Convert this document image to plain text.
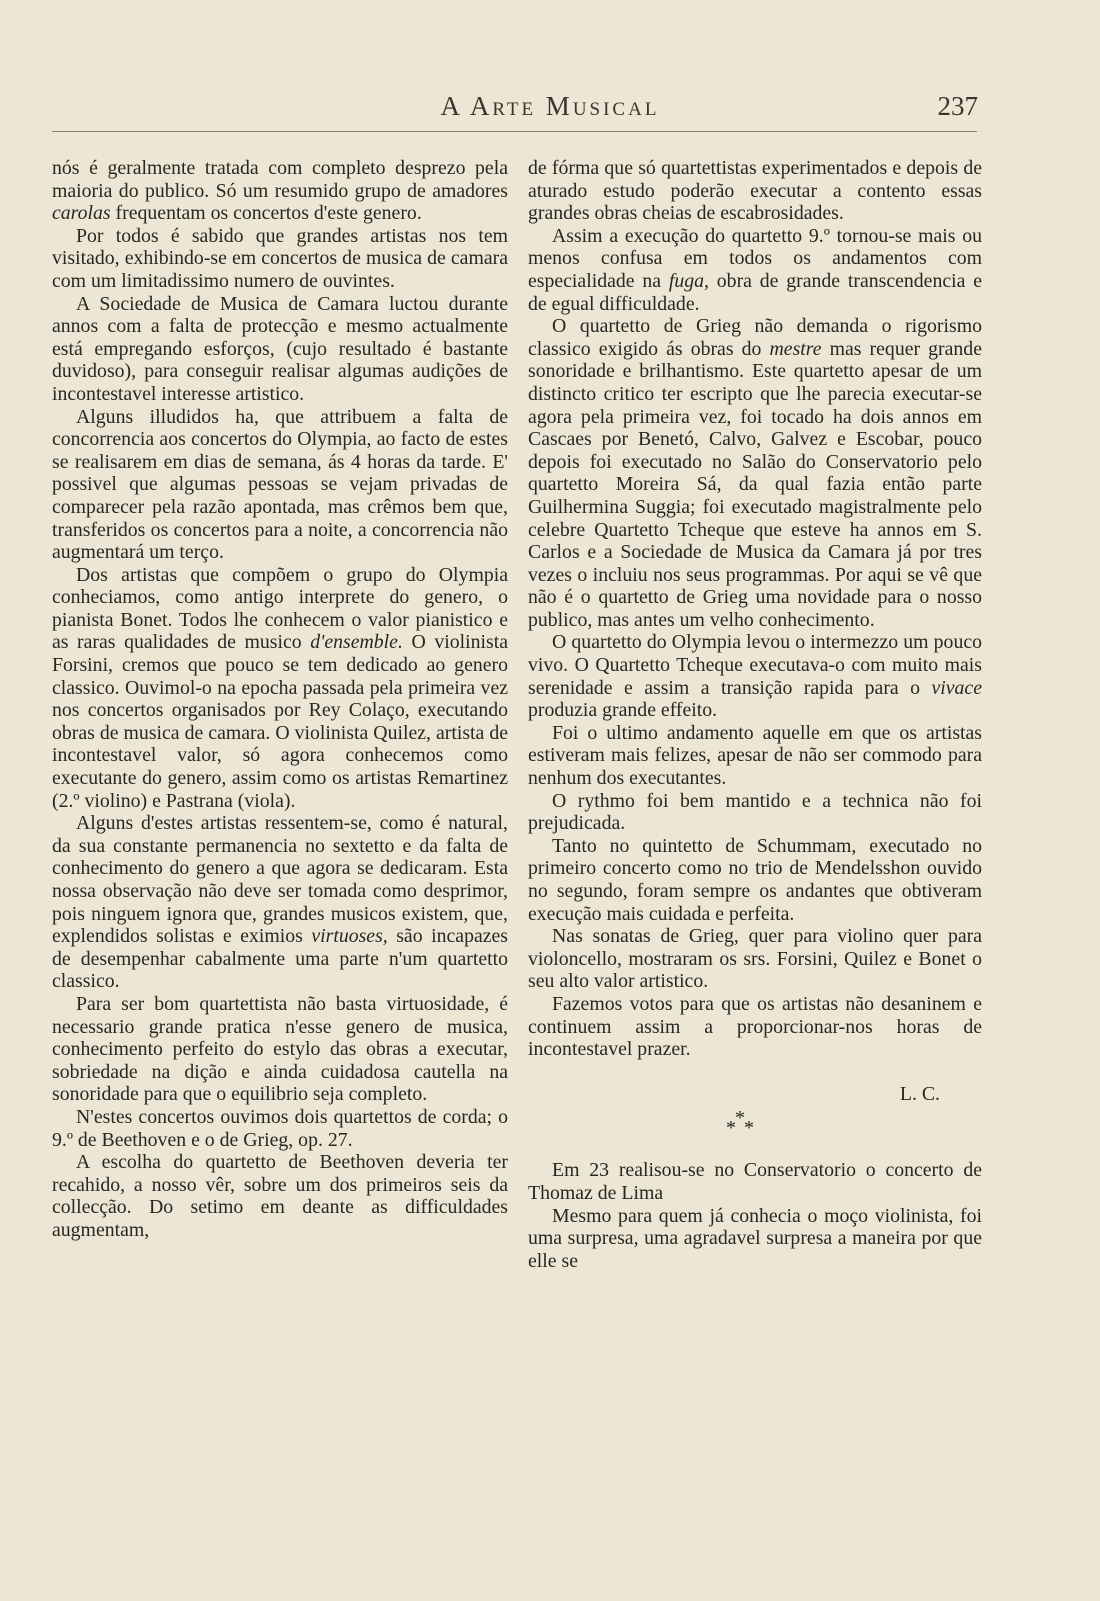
A Arte Musical	237

nós é geralmente tratada com completo desprezo pela maioria do publico. Só um resumido grupo de amadores carolas frequentam os concertos d'este genero.

Por todos é sabido que grandes artistas nos tem visitado, exhibindo-se em concertos de musica de camara com um limitadissimo numero de ouvintes.

A Sociedade de Musica de Camara luctou durante annos com a falta de protecção e mesmo actualmente está empregando esforços, (cujo resultado é bastante duvidoso), para conseguir realisar algumas audições de incontestavel interesse artistico.

Alguns illudidos ha, que attribuem a falta de concorrencia aos concertos do Olympia, ao facto de estes se realisarem em dias de semana, ás 4 horas da tarde. E' possivel que algumas pessoas se vejam privadas de comparecer pela razão apontada, mas crêmos bem que, transferidos os concertos para a noite, a concorrencia não augmentará um terço.

Dos artistas que compõem o grupo do Olympia conheciamos, como antigo interprete do genero, o pianista Bonet. Todos lhe conhecem o valor pianistico e as raras qualidades de musico d'ensemble. O violinista Forsini, cremos que pouco se tem dedicado ao genero classico. Ouvimol-o na epocha passada pela primeira vez nos concertos organisados por Rey Colaço, executando obras de musica de camara. O violinista Quilez, artista de incontestavel valor, só agora conhecemos como executante do genero, assim como os artistas Remartinez (2.º violino) e Pastrana (viola).

Alguns d'estes artistas ressentem-se, como é natural, da sua constante permanencia no sextetto e da falta de conhecimento do genero a que agora se dedicaram. Esta nossa observação não deve ser tomada como desprimor, pois ninguem ignora que, grandes musicos existem, que, explendidos solistas e eximios virtuoses, são incapazes de desempenhar cabalmente uma parte n'um quartetto classico.

Para ser bom quartettista não basta virtuosidade, é necessario grande pratica n'esse genero de musica, conhecimento perfeito do estylo das obras a executar, sobriedade na dição e ainda cuidadosa cautella na sonoridade para que o equilibrio seja completo.

N'estes concertos ouvimos dois quartettos de corda; o 9.º de Beethoven e o de Grieg, op. 27.

A escolha do quartetto de Beethoven deveria ter recahido, a nosso vêr, sobre um dos primeiros seis da collecção. Do setimo em deante as difficuldades augmentam,

de fórma que só quartettistas experimentados e depois de aturado estudo poderão executar a contento essas grandes obras cheias de escabrosidades.

Assim a execução do quartetto 9.º tornou-se mais ou menos confusa em todos os andamentos com especialidade na fuga, obra de grande transcendencia e de egual difficuldade.

O quartetto de Grieg não demanda o rigorismo classico exigido ás obras do mestre mas requer grande sonoridade e brilhantismo. Este quartetto apesar de um distincto critico ter escripto que lhe parecia executar-se agora pela primeira vez, foi tocado ha dois annos em Cascaes por Benetó, Calvo, Galvez e Escobar, pouco depois foi executado no Salão do Conservatorio pelo quartetto Moreira Sá, da qual fazia então parte Guilhermina Suggia; foi executado magistralmente pelo celebre Quartetto Tcheque que esteve ha annos em S. Carlos e a Sociedade de Musica da Camara já por tres vezes o incluiu nos seus programmas. Por aqui se vê que não é o quartetto de Grieg uma novidade para o nosso publico, mas antes um velho conhecimento.

O quartetto do Olympia levou o intermezzo um pouco vivo. O Quartetto Tcheque executava-o com muito mais serenidade e assim a transição rapida para o vivace produzia grande effeito.

Foi o ultimo andamento aquelle em que os artistas estiveram mais felizes, apesar de não ser commodo para nenhum dos executantes.

O rythmo foi bem mantido e a technica não foi prejudicada.

Tanto no quintetto de Schummam, executado no primeiro concerto como no trio de Mendelsshon ouvido no segundo, foram sempre os andantes que obtiveram execução mais cuidada e perfeita.

Nas sonatas de Grieg, quer para violino quer para violoncello, mostraram os srs. Forsini, Quilez e Bonet o seu alto valor artistico.

Fazemos votos para que os artistas não desaninem e continuem assim a proporcionar-nos horas de incontestavel prazer.

L. C.
*
* *

Em 23 realisou-se no Conservatorio o concerto de Thomaz de Lima

Mesmo para quem já conhecia o moço violinista, foi uma surpresa, uma agradavel surpresa a maneira por que elle se
